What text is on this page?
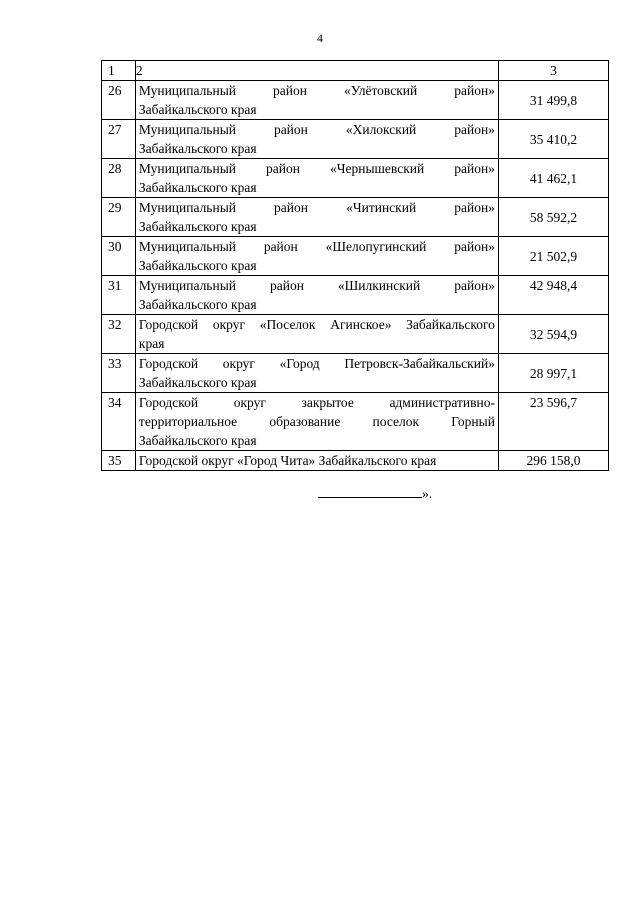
4
1	2	3
26	Муниципальный район «Улётовский район»
Забайкальского края	31 499,8
27	Муниципальный район «Хилокский район»
Забайкальского края	35 410,2
28	Муниципальный район «Чернышевский район»
Забайкальского края	41 462,1
29	Муниципальный район «Читинский район»
Забайкальского края	58 592,2
30	Муниципальный район «Шелопугинский район»
Забайкальского края	21 502,9
31	Муниципальный район «Шилкинский район»
Забайкальского края	42 948,4
32	Городской округ «Поселок Агинское» Забайкальского
края	32 594,9
33	Городской округ «Город Петровск-Забайкальский»
Забайкальского края	28 997,1
34	Городской округ закрытое административно-
территориальное образование поселок Горный
Забайкальского края	23 596,7
35	Городской округ «Город Чита» Забайкальского края	296 158,0
».
